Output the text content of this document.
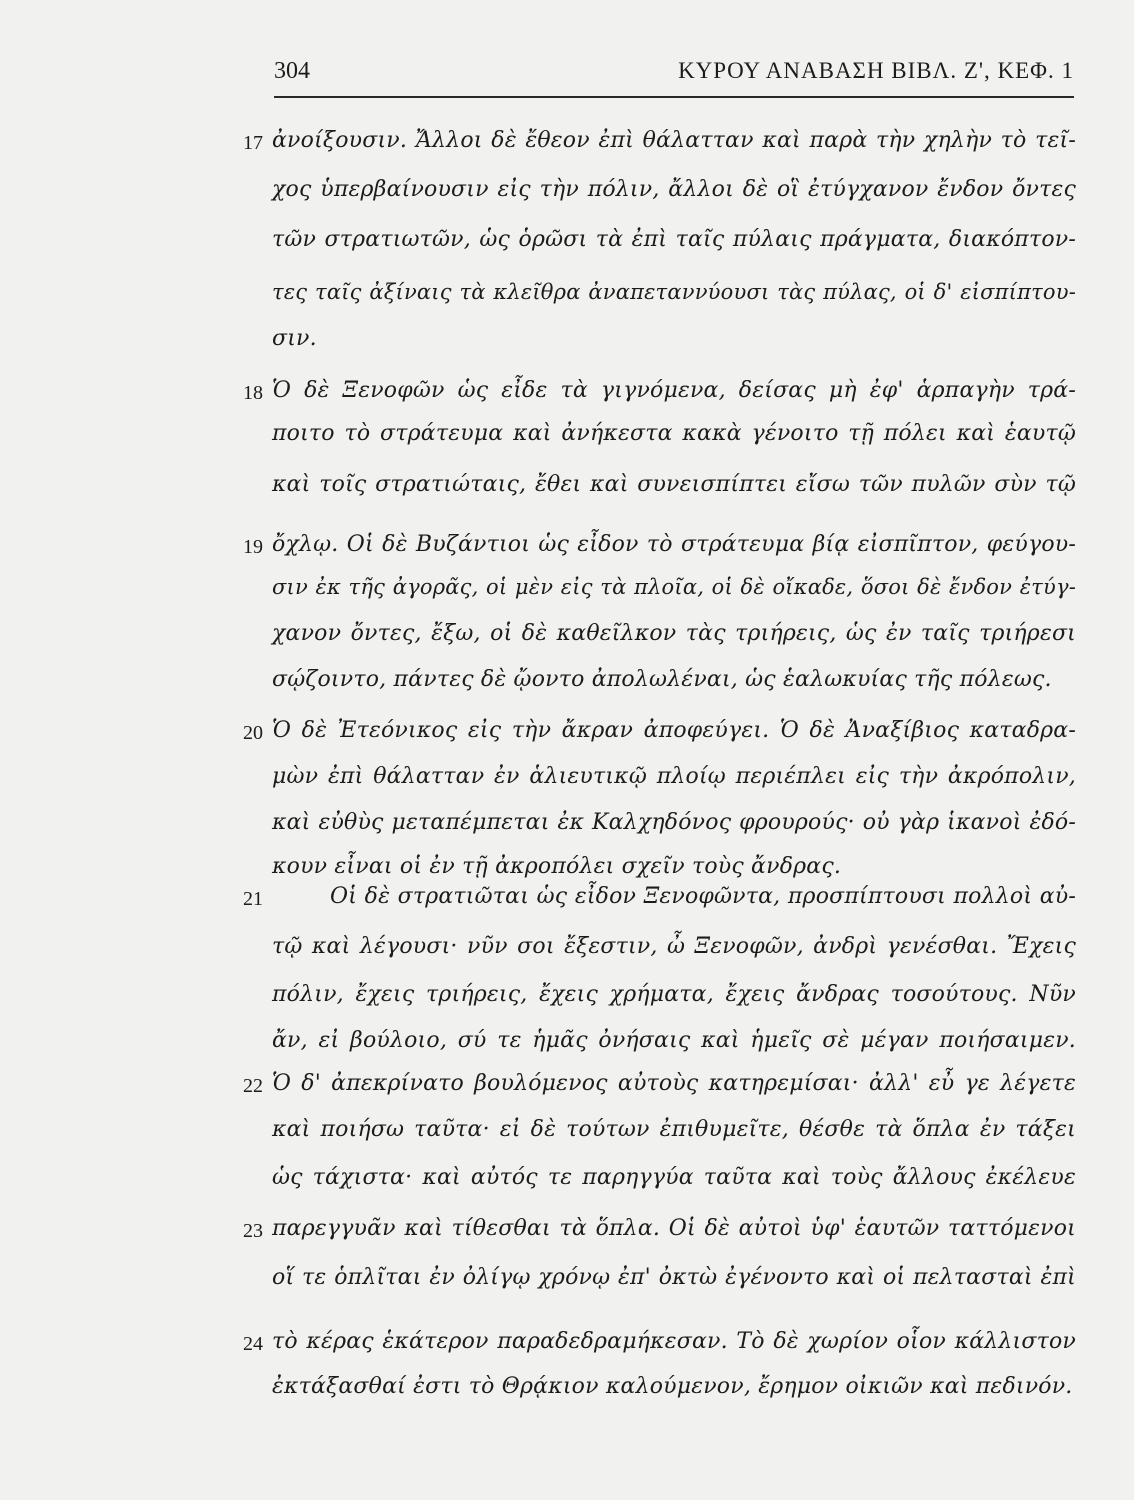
304	ΚΥΡΟΥ ΑΝΑΒΑΣΗ ΒΙΒΛ. Ζ', ΚΕΦ. 1
17
18
19
20
21
22
23
24
ἀνοίξουσιν. Ἄλλοι δὲ ἔθεον ἐπὶ θάλατταν καὶ παρὰ τὴν χηλὴν τὸ τεῖ-
χος ὑπερβαίνουσιν εἰς τὴν πόλιν, ἄλλοι δὲ οἳ ἐτύγχανον ἔνδον ὄντες
τῶν στρατιωτῶν, ὡς ὁρῶσι τὰ ἐπὶ ταῖς πύλαις πράγματα, διακόπτον-
τες ταῖς ἀξίναις τὰ κλεῖθρα ἀναπεταννύουσι τὰς πύλας, οἱ δ' εἰσπίπτου-
σιν.
Ὁ δὲ Ξενοφῶν ὡς εἶδε τὰ γιγνόμενα, δείσας μὴ ἐφ' ἁρπαγὴν τρά-
ποιτο τὸ στράτευμα καὶ ἀνήκεστα κακὰ γένοιτο τῇ πόλει καὶ ἑαυτῷ
καὶ τοῖς στρατιώταις, ἔθει καὶ συνεισπίπτει εἴσω τῶν πυλῶν σὺν τῷ
ὄχλῳ. Οἱ δὲ Βυζάντιοι ὡς εἶδον τὸ στράτευμα βίᾳ εἰσπῖπτον, φεύγου-
σιν ἐκ τῆς ἀγορᾶς, οἱ μὲν εἰς τὰ πλοῖα, οἱ δὲ οἴκαδε, ὅσοι δὲ ἔνδον ἐτύγ-
χανον ὄντες, ἔξω, οἱ δὲ καθεῖλκον τὰς τριήρεις, ὡς ἐν ταῖς τριήρεσι
σῴζοιντο, πάντες δὲ ᾤοντο ἀπολωλέναι, ὡς ἑαλωκυίας τῆς πόλεως.
Ὁ δὲ Ἐτεόνικος εἰς τὴν ἄκραν ἀποφεύγει. Ὁ δὲ Ἀναξίβιος καταδρα-
μὼν ἐπὶ θάλατταν ἐν ἁλιευτικῷ πλοίῳ περιέπλει εἰς τὴν ἀκρόπολιν,
καὶ εὐθὺς μεταπέμπεται ἐκ Καλχηδόνος φρουρούς· οὐ γὰρ ἱκανοὶ ἐδό-
κουν εἶναι οἱ ἐν τῇ ἀκροπόλει σχεῖν τοὺς ἄνδρας.
Οἱ δὲ στρατιῶται ὡς εἶδον Ξενοφῶντα, προσπίπτουσι πολλοὶ αὐ-
τῷ καὶ λέγουσι· νῦν σοι ἔξεστιν, ὦ Ξενοφῶν, ἀνδρὶ γενέσθαι. Ἔχεις
πόλιν, ἔχεις τριήρεις, ἔχεις χρήματα, ἔχεις ἄνδρας τοσούτους. Νῦν
ἄν, εἰ βούλοιο, σύ τε ἡμᾶς ὀνήσαις καὶ ἡμεῖς σὲ μέγαν ποιήσαιμεν.
Ὁ δ' ἀπεκρίνατο βουλόμενος αὐτοὺς κατηρεμίσαι· ἀλλ' εὖ γε λέγετε
καὶ ποιήσω ταῦτα· εἰ δὲ τούτων ἐπιθυμεῖτε, θέσθε τὰ ὅπλα ἐν τάξει
ὡς τάχιστα· καὶ αὐτός τε παρηγγύα ταῦτα καὶ τοὺς ἄλλους ἐκέλευε
παρεγγυᾶν καὶ τίθεσθαι τὰ ὅπλα. Οἱ δὲ αὐτοὶ ὑφ' ἑαυτῶν ταττόμενοι
οἵ τε ὁπλῖται ἐν ὀλίγῳ χρόνῳ ἐπ' ὀκτὼ ἐγένοντο καὶ οἱ πελτασταὶ ἐπὶ
τὸ κέρας ἑκάτερον παραδεδραμήκεσαν. Τὸ δὲ χωρίον οἷον κάλλιστον
ἐκτάξασθαί ἐστι τὸ Θρᾴκιον καλούμενον, ἔρημον οἰκιῶν καὶ πεδινόν.
